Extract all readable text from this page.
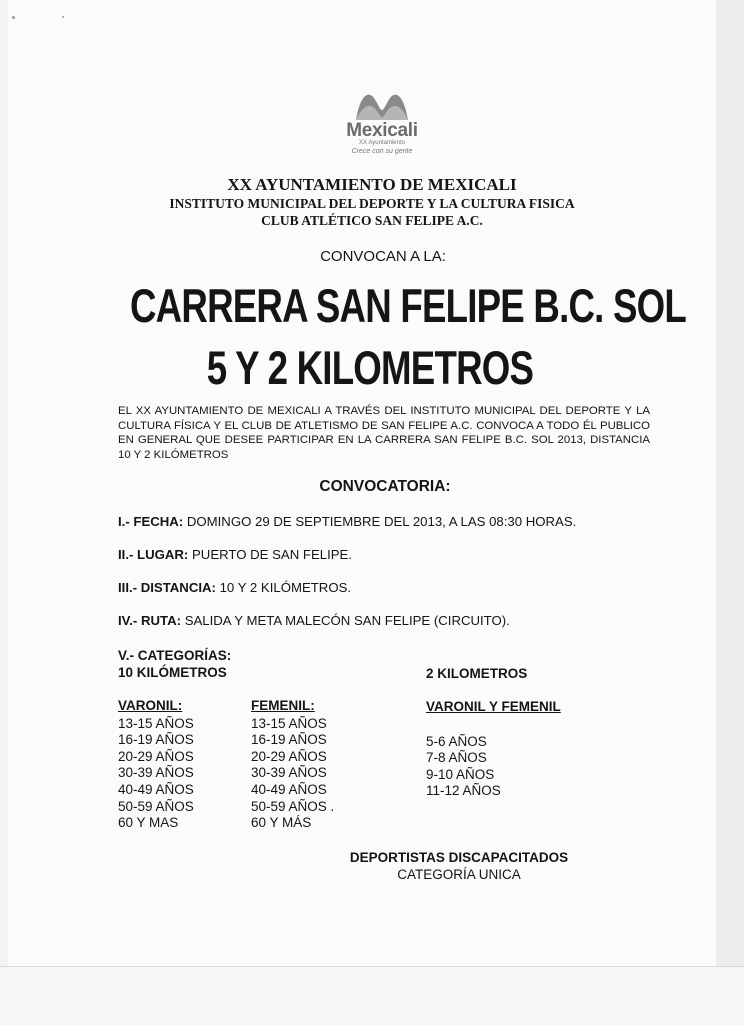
Mexicali
XX Ayuntamiento
Crece con su gente
XX AYUNTAMIENTO DE MEXICALI
INSTITUTO MUNICIPAL DEL DEPORTE Y LA CULTURA FISICA
CLUB ATLÉTICO SAN FELIPE A.C.
CONVOCAN A LA:
CARRERA SAN FELIPE B.C. SOL
5 Y 2 KILOMETROS
EL XX AYUNTAMIENTO DE MEXICALI A TRAVÉS DEL INSTITUTO MUNICIPAL DEL DEPORTE Y LA CULTURA FÍSICA Y EL CLUB DE ATLETISMO DE SAN FELIPE A.C. CONVOCA A TODO ÉL PUBLICO EN GENERAL QUE DESEE PARTICIPAR EN LA CARRERA SAN FELIPE B.C. SOL 2013, DISTANCIA 10 Y 2 KILÓMETROS
CONVOCATORIA:
I.- FECHA: DOMINGO 29 DE SEPTIEMBRE DEL 2013, A LAS 08:30 HORAS.
II.- LUGAR: PUERTO DE SAN FELIPE.
III.- DISTANCIA: 10 Y 2 KILÓMETROS.
IV.- RUTA: SALIDA Y META MALECÓN SAN FELIPE (CIRCUITO).
V.- CATEGORÍAS:
10 KILÓMETROS	2 KILOMETROS
VARONIL:
13-15 AÑOS
16-19 AÑOS
20-29 AÑOS
30-39 AÑOS
40-49 AÑOS
50-59 AÑOS
60 Y MAS
FEMENIL:
13-15 AÑOS
16-19 AÑOS
20-29 AÑOS
30-39 AÑOS
40-49 AÑOS
50-59 AÑOS .
60 Y MÁS
VARONIL Y FEMENIL
5-6 AÑOS
7-8 AÑOS
9-10 AÑOS
11-12 AÑOS
DEPORTISTAS DISCAPACITADOS
CATEGORÍA UNICA
